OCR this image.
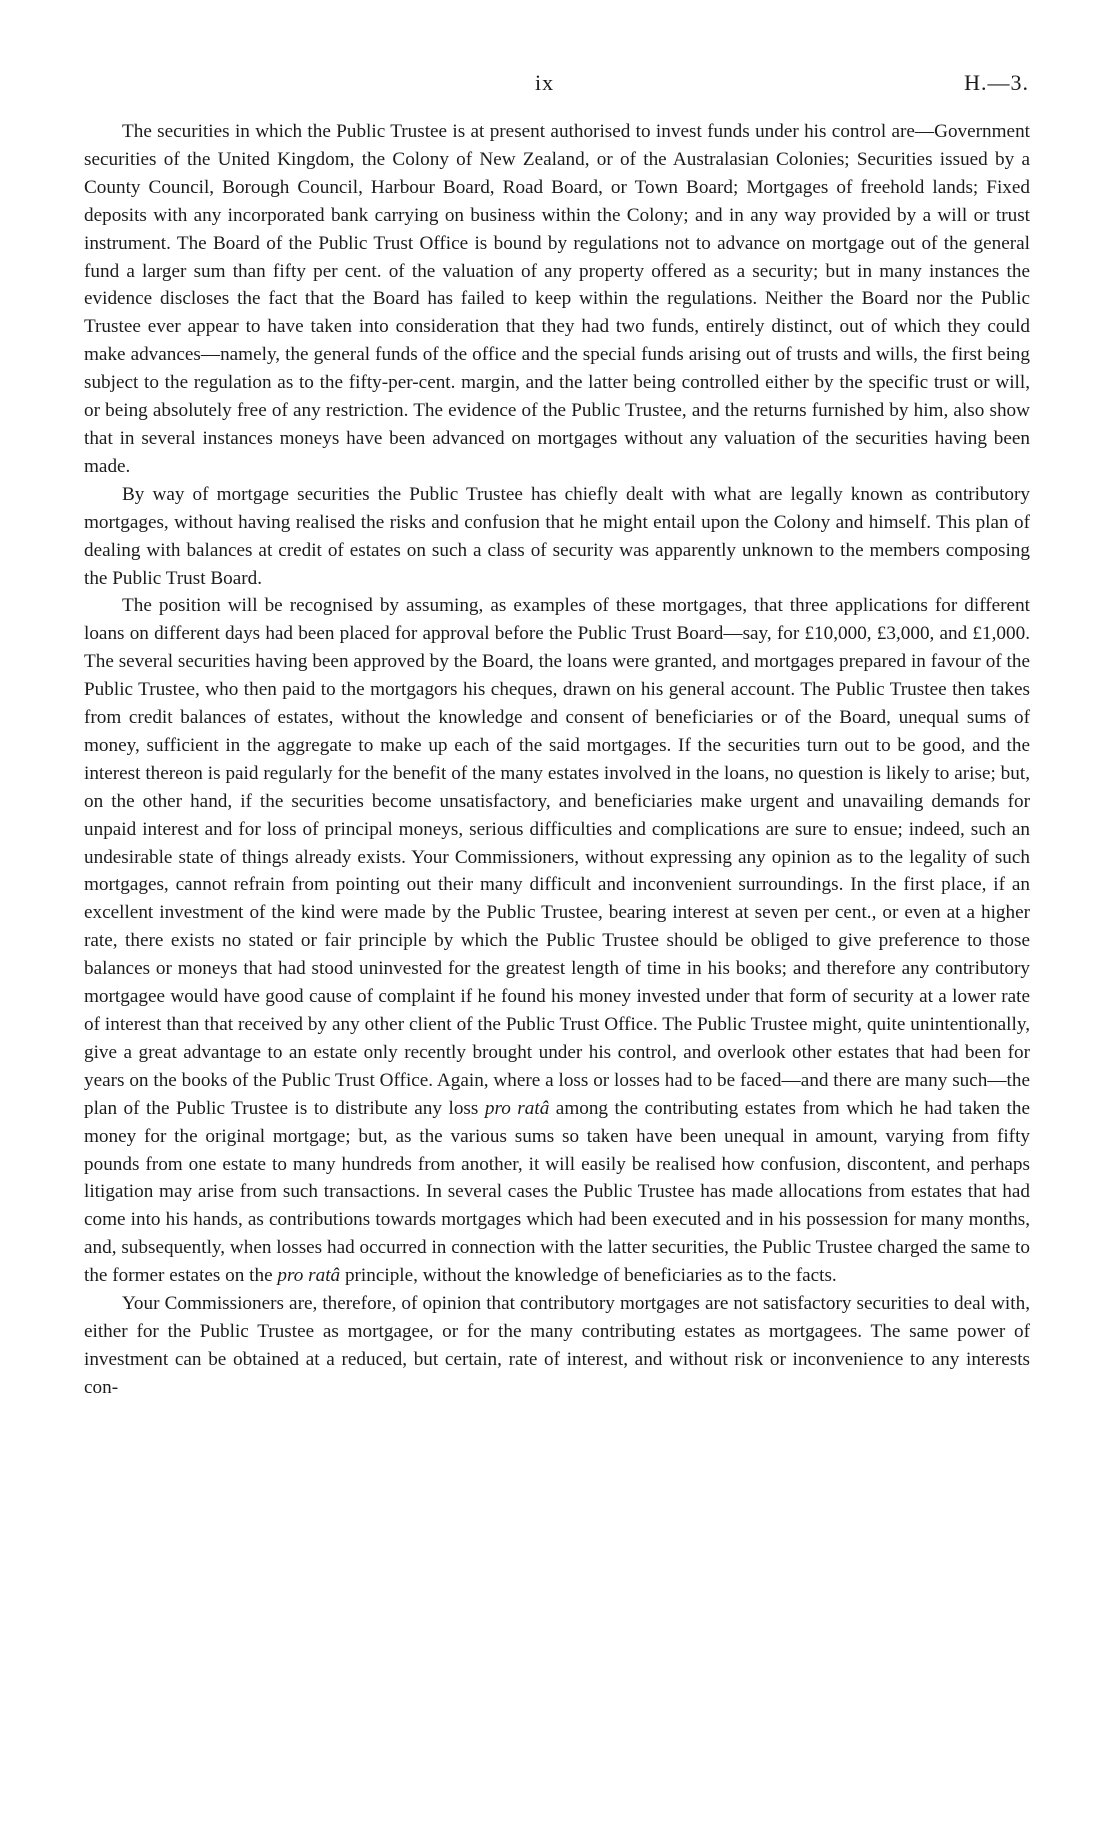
ix	H.—3.

The securities in which the Public Trustee is at present authorised to invest funds under his control are—Government securities of the United Kingdom, the Colony of New Zealand, or of the Australasian Colonies; Securities issued by a County Council, Borough Council, Harbour Board, Road Board, or Town Board; Mortgages of freehold lands; Fixed deposits with any incorporated bank carrying on business within the Colony; and in any way provided by a will or trust instrument. The Board of the Public Trust Office is bound by regulations not to advance on mortgage out of the general fund a larger sum than fifty per cent. of the valuation of any property offered as a security; but in many instances the evidence discloses the fact that the Board has failed to keep within the regulations. Neither the Board nor the Public Trustee ever appear to have taken into consideration that they had two funds, entirely distinct, out of which they could make advances—namely, the general funds of the office and the special funds arising out of trusts and wills, the first being subject to the regulation as to the fifty-per-cent. margin, and the latter being controlled either by the specific trust or will, or being absolutely free of any restriction. The evidence of the Public Trustee, and the returns furnished by him, also show that in several instances moneys have been advanced on mortgages without any valuation of the securities having been made.

By way of mortgage securities the Public Trustee has chiefly dealt with what are legally known as contributory mortgages, without having realised the risks and confusion that he might entail upon the Colony and himself. This plan of dealing with balances at credit of estates on such a class of security was apparently unknown to the members composing the Public Trust Board.

The position will be recognised by assuming, as examples of these mortgages, that three applications for different loans on different days had been placed for approval before the Public Trust Board—say, for £10,000, £3,000, and £1,000. The several securities having been approved by the Board, the loans were granted, and mortgages prepared in favour of the Public Trustee, who then paid to the mortgagors his cheques, drawn on his general account. The Public Trustee then takes from credit balances of estates, without the knowledge and consent of beneficiaries or of the Board, unequal sums of money, sufficient in the aggregate to make up each of the said mortgages. If the securities turn out to be good, and the interest thereon is paid regularly for the benefit of the many estates involved in the loans, no question is likely to arise; but, on the other hand, if the securities become unsatisfactory, and beneficiaries make urgent and unavailing demands for unpaid interest and for loss of principal moneys, serious difficulties and complications are sure to ensue; indeed, such an undesirable state of things already exists. Your Commissioners, without expressing any opinion as to the legality of such mortgages, cannot refrain from pointing out their many difficult and inconvenient surroundings. In the first place, if an excellent investment of the kind were made by the Public Trustee, bearing interest at seven per cent., or even at a higher rate, there exists no stated or fair principle by which the Public Trustee should be obliged to give preference to those balances or moneys that had stood uninvested for the greatest length of time in his books; and therefore any contributory mortgagee would have good cause of complaint if he found his money invested under that form of security at a lower rate of interest than that received by any other client of the Public Trust Office. The Public Trustee might, quite unintentionally, give a great advantage to an estate only recently brought under his control, and overlook other estates that had been for years on the books of the Public Trust Office. Again, where a loss or losses had to be faced—and there are many such—the plan of the Public Trustee is to distribute any loss pro ratâ among the contributing estates from which he had taken the money for the original mortgage; but, as the various sums so taken have been unequal in amount, varying from fifty pounds from one estate to many hundreds from another, it will easily be realised how confusion, discontent, and perhaps litigation may arise from such transactions. In several cases the Public Trustee has made allocations from estates that had come into his hands, as contributions towards mortgages which had been executed and in his possession for many months, and, subsequently, when losses had occurred in connection with the latter securities, the Public Trustee charged the same to the former estates on the pro ratâ principle, without the knowledge of beneficiaries as to the facts.

Your Commissioners are, therefore, of opinion that contributory mortgages are not satisfactory securities to deal with, either for the Public Trustee as mortgagee, or for the many contributing estates as mortgagees. The same power of investment can be obtained at a reduced, but certain, rate of interest, and without risk or inconvenience to any interests con-
